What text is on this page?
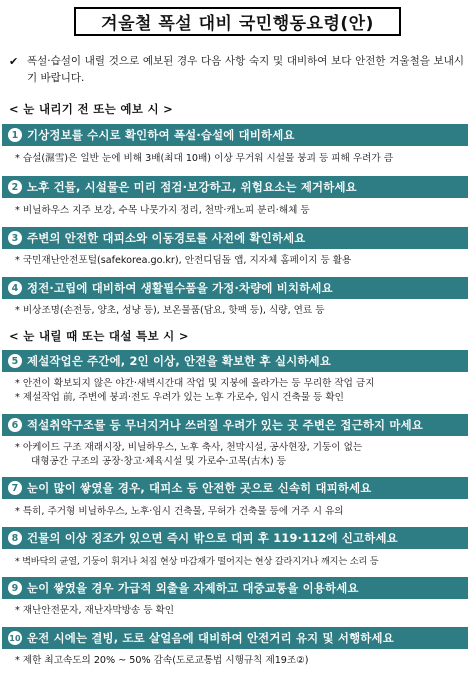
겨울철 폭설 대비 국민행동요령(안)
✔ 폭설·습설이 내릴 것으로 예보된 경우 다음 사항 숙지 및 대비하여 보다 안전한 겨울철을 보내시기 바랍니다.
< 눈 내리기 전 또는 예보 시 >
1 기상정보를 수시로 확인하여 폭설·습설에 대비하세요
* 습설(濕雪)은 일반 눈에 비해 3배(최대 10배) 이상 무거워 시설물 붕괴 등 피해 우려가 큼
2 노후 건물, 시설물은 미리 점검·보강하고, 위험요소는 제거하세요
* 비닐하우스 지주 보강, 수목 나뭇가지 정리, 천막·캐노피 분리·해체 등
3 주변의 안전한 대피소와 이동경로를 사전에 확인하세요
* 국민재난안전포털(safekorea.go.kr), 안전디딤돌 앱, 지자체 홈페이지 등 활용
4 정전·고립에 대비하여 생활필수품을 가정·차량에 비치하세요
* 비상조명(손전등, 양초, 성냥 등), 보온물품(담요, 핫팩 등), 식량, 연료 등
< 눈 내릴 때 또는 대설 특보 시 >
5 제설작업은 주간에, 2인 이상, 안전을 확보한 후 실시하세요
* 안전이 확보되지 않은 야간·새벽시간대 작업 및 지붕에 올라가는 등 무리한 작업 금지
* 제설작업 前, 주변에 붕괴·전도 우려가 있는 노후 가로수, 임시 건축물 등 확인
6 적설취약구조물 등 무너지거나 쓰러질 우려가 있는 곳 주변은 접근하지 마세요
* 아케이드 구조 재래시장, 비닐하우스, 노후 축사, 천막시설, 공사현장, 기둥이 없는
대형공간 구조의 공장·창고·체육시설 및 가로수·고목(古木) 등
7 눈이 많이 쌓였을 경우, 대피소 등 안전한 곳으로 신속히 대피하세요
* 특히, 주거형 비닐하우스, 노후·임시 건축물, 무허가 건축물 등에 거주 시 유의
8 건물의 이상 징조가 있으면 즉시 밖으로 대피 후 119·112에 신고하세요
* 벽바닥의 균열, 기둥이 휘거나 처짐 현상 마감재가 떨어지는 현상 갈라지거나 깨지는 소리 등
9 눈이 쌓였을 경우 가급적 외출을 자제하고 대중교통을 이용하세요
* 재난안전문자, 재난자막방송 등 확인
10 운전 시에는 결빙, 도로 살얼음에 대비하여 안전거리 유지 및 서행하세요
* 제한 최고속도의 20% ~ 50% 감속(도로교통법 시행규칙 제19조②)
